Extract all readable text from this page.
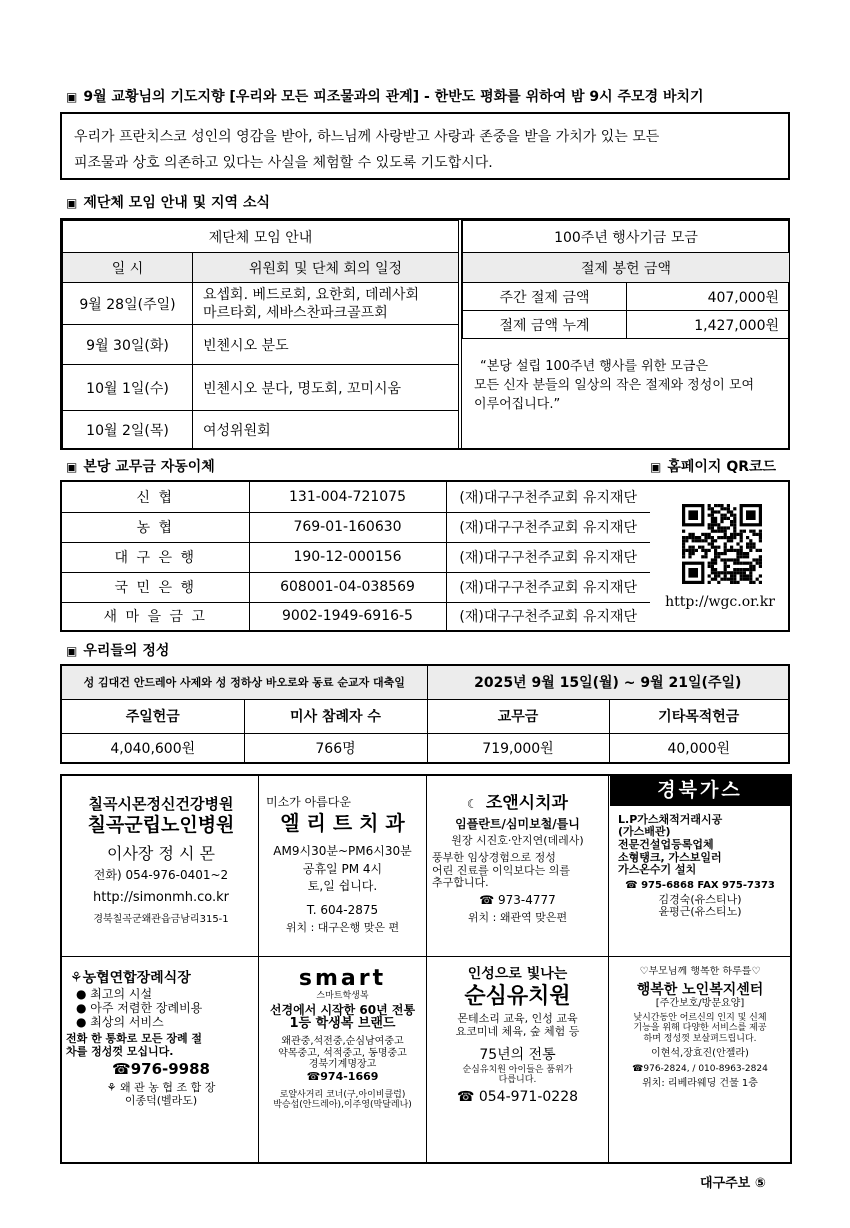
▣ 9월 교황님의 기도지향 [우리와 모든 피조물과의 관계] - 한반도 평화를 위하여 밤 9시 주모경 바치기
우리가 프란치스코 성인의 영감을 받아, 하느님께 사랑받고 사랑과 존중을 받을 가치가 있는 모든
피조물과 상호 의존하고 있다는 사실을 체험할 수 있도록 기도합시다.
▣ 제단체 모임 안내 및 지역 소식
제단체 모임 안내	
일 시	위원회 및 단체 회의 일정
9월 28일(주일)	요셉회. 베드로회, 요한회, 데레사회
마르타회, 세바스찬파크골프회

9월 30일(화)	빈첸시오 분도
10월 1일(수)	빈첸시오 분다, 명도회, 꼬미시움
10월 2일(목)	여성위원회
100주년 행사기금 모금	
절제 봉헌 금액	
주간 절제 금액	407,000원
절제 금액 누계	1,427,000원
“본당 설립 100주년 행사를 위한 모금은
모든 신자 분들의 일상의 작은 절제와 정성이 모여
이루어집니다.”
▣ 본당 교무금 자동이체	▣ 홈페이지 QR코드
신 협	131-004-721075	(재)대구구천주교회 유지재단
농 협	769-01-160630	(재)대구구천주교회 유지재단
대 구 은 행	190-12-000156	(재)대구구천주교회 유지재단
국 민 은 행	608001-04-038569	(재)대구구천주교회 유지재단
새 마 을 금 고	9002-1949-6916-5	(재)대구구천주교회 유지재단
http://wgc.or.kr
▣ 우리들의 정성
성 김대건 안드레아 사제와 성 정하상 바오로와 동료 순교자 대축일		2025년 9월 15일(월) ~ 9월 21일(주일)	
주일헌금	미사 참례자 수	교무금	기타목적헌금
4,040,600원	766명	719,000원	40,000원
칠곡시몬정신건강병원
칠곡군립노인병원
이사장 정 시 몬
전화) 054-976-0401~2
http://simonmh.co.kr
경북칠곡군왜관읍금남리315-1
미소가 아름다운
엘 리 트 치 과
AM9시30분~PM6시30분
공휴일 PM 4시
토,일 쉽니다.
T. 604-2875
위치 : 대구은행 맞은 편
☾ 조앤시치과
임플란트/심미보철/틀니
원장 시진호·안지연(데레사)
풍부한 임상경험으로 정성
어린 진료를 이익보다는 의를
추구합니다.
☎ 973-4777
위치 : 왜관역 맞은편
경북가스
L.P가스채적거래시공
(가스배관)
전문건설업등록업체
소형탱크, 가스보일러
가스온수기 설치
☎ 975-6868 FAX 975-7373
김경숙(유스티나)
윤평근(유스티노)
⚘농협연합장례식장
● 최고의 시설
● 아주 저렴한 장례비용
● 최상의 서비스
전화 한 통화로 모든 장례 절
차를 정성껏 모십니다.
☎976-9988
⚘ 왜 관 농 협 조 합 장
이종덕(벨라도)
smart
스마트학생복
선경에서 시작한 60년 전통
1등 학생복 브랜드
왜관중,석전중,순심남여중고
약목중고, 석적중고, 동명중고
경북기계명장고
☎974-1669
로얄사거리 코너(구,아이비클럽)
박승섭(안드레아),이주영(막달레나)
인성으로 빛나는
순심유치원
몬테소리 교육, 인성 교육
요코미네 체육, 숲 체험 등
75년의 전통
순심유치원 아이들은 품위가
다릅니다.
☎ 054-971-0228
♡부모님께 행복한 하루를♡
행복한 노인복지센터
[주간보호/방문요양]
낮시간동안 어르신의 인지 및 신체
기능을 위해 다양한 서비스를 제공
하며 정성껏 보살펴드립니다.
이현석,장효진(안젤라)
☎976-2824, / 010-8963-2824
위치: 리베라웨딩 건물 1층
대구주보 ⑤
